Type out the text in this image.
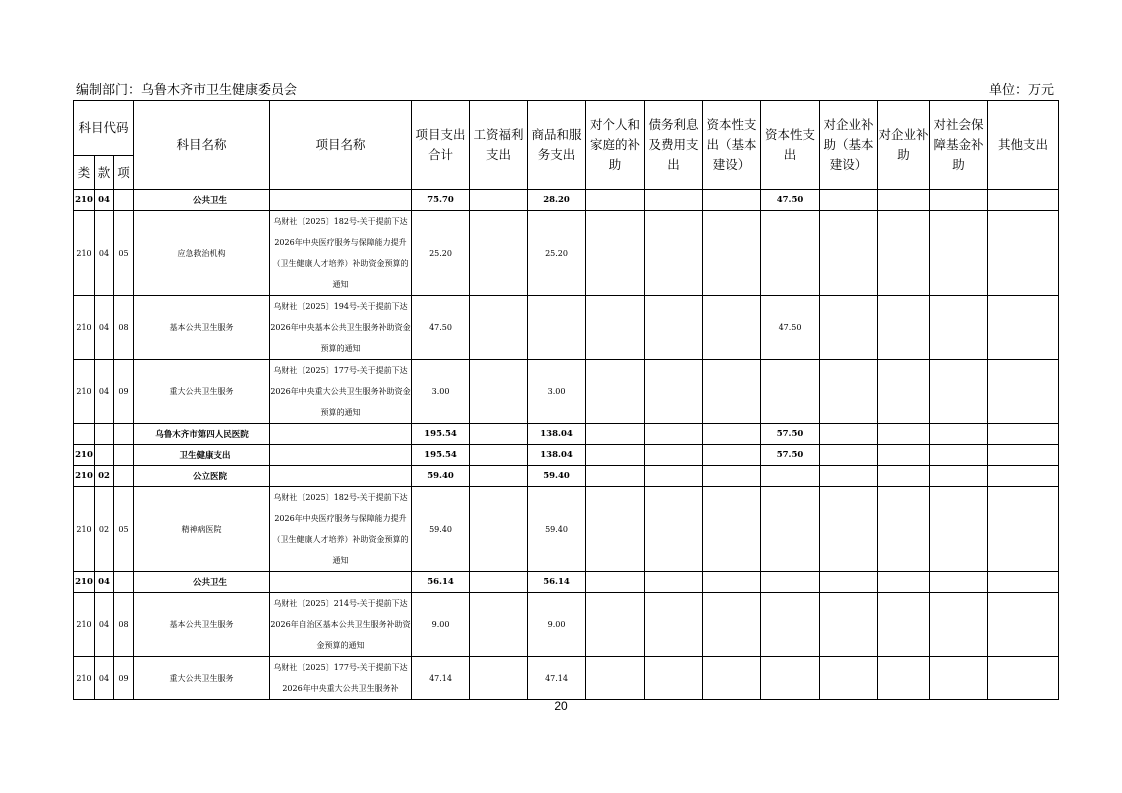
编制部门：乌鲁木齐市卫生健康委员会	单位：万元
科目代码			科目名称	项目名称	项目支出合计	工资福利支出	商品和服务支出	对个人和家庭的补助	债务利息及费用支出	资本性支出（基本建设）	资本性支出	对企业补助（基本建设）	对企业补助	对社会保障基金补助	其他支出
类	款	项													
210	04		公共卫生		75.70		28.20				47.50				
210	04	05	应急救治机构	乌财社〔2025〕182号-关于提前下达2026年中央医疗服务与保障能力提升（卫生健康人才培养）补助资金预算的通知	25.20		25.20								
210	04	08	基本公共卫生服务	乌财社〔2025〕194号-关于提前下达2026年中央基本公共卫生服务补助资金预算的通知	47.50						47.50				
210	04	09	重大公共卫生服务	乌财社〔2025〕177号-关于提前下达2026年中央重大公共卫生服务补助资金预算的通知	3.00		3.00								
			乌鲁木齐市第四人民医院		195.54		138.04				57.50				
210			卫生健康支出		195.54		138.04				57.50				
210	02		公立医院		59.40		59.40								
210	02	05	精神病医院	乌财社〔2025〕182号-关于提前下达2026年中央医疗服务与保障能力提升（卫生健康人才培养）补助资金预算的通知	59.40		59.40								
210	04		公共卫生		56.14		56.14								
210	04	08	基本公共卫生服务	乌财社〔2025〕214号-关于提前下达2026年自治区基本公共卫生服务补助资金预算的通知	9.00		9.00								
210	04	09	重大公共卫生服务	乌财社〔2025〕177号-关于提前下达2026年中央重大公共卫生服务补	47.14		47.14								
20
